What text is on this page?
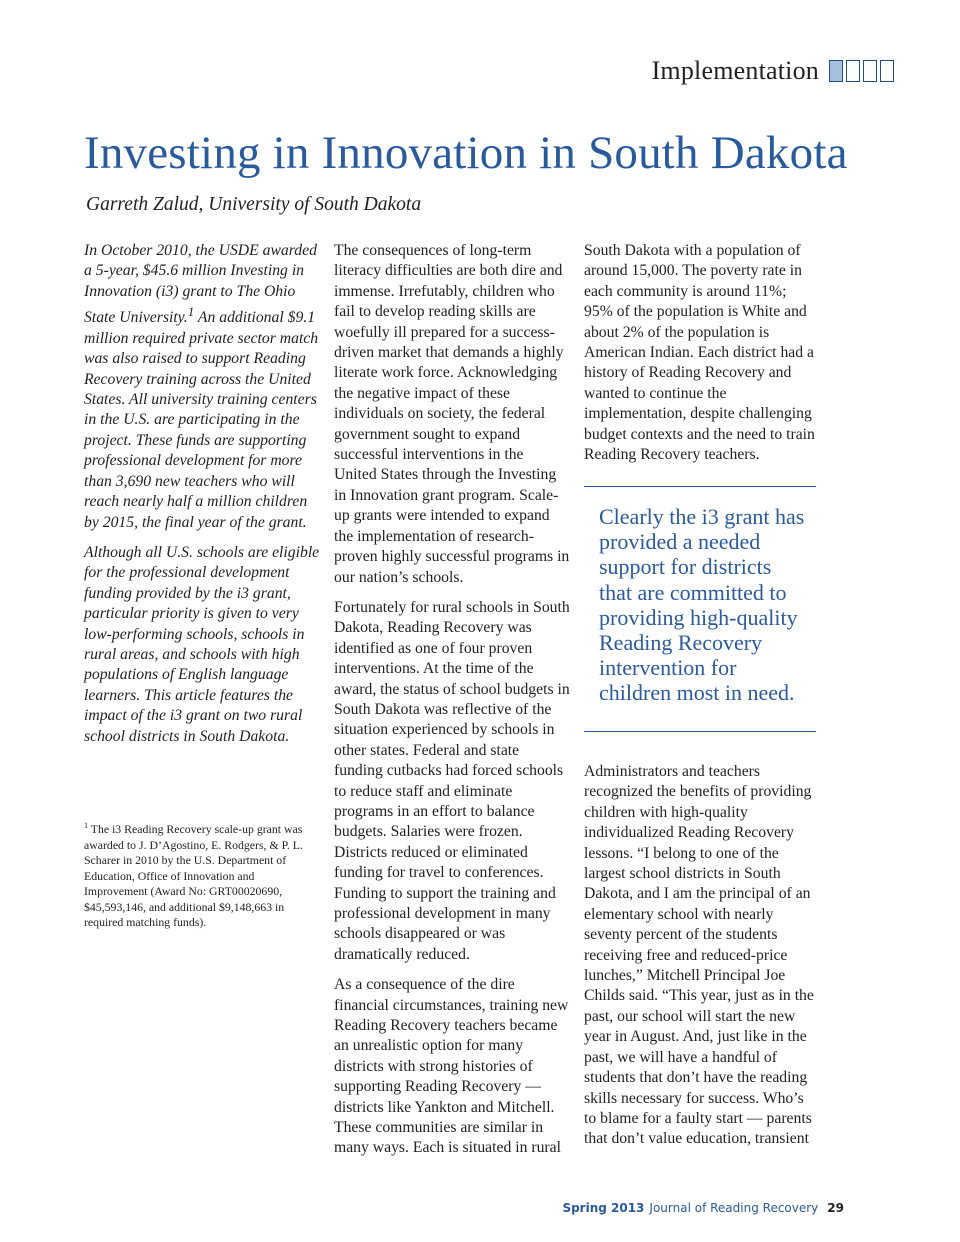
Implementation
Investing in Innovation in South Dakota
Garreth Zalud, University of South Dakota

In October 2010, the USDE awarded a 5-year, $45.6 million Investing in Innovation (i3) grant to The Ohio State University.$^1$ An additional $9.1 million required private sector match was also raised to support Reading Recovery training across the United States. All university training centers in the U.S. are participating in the project. These funds are supporting professional development for more than 3,690 new teachers who will reach nearly half a million children by 2015, the final year of the grant.

Although all U.S. schools are eligible for the professional development funding provided by the i3 grant, particular priority is given to very low-performing schools, schools in rural areas, and schools with high populations of English language learners. This article features the impact of the i3 grant on two rural school districts in South Dakota.

$^1$ The i3 Reading Recovery scale-up grant was awarded to J. D’Agostino, E. Rodgers, & P. L. Scharer in 2010 by the U.S. Department of Education, Office of Innovation and Improvement (Award No: GRT00020690, $45,593,146, and additional $9,148,663 in required matching funds).

The consequences of long-term literacy difficulties are both dire and immense. Irrefutably, children who fail to develop reading skills are woefully ill prepared for a success-driven market that demands a highly literate work force. Acknowledging the negative impact of these individuals on society, the federal government sought to expand successful interventions in the United States through the Investing in Innovation grant program. Scale-up grants were intended to expand the implementation of research-proven highly successful programs in our nation’s schools.

Fortunately for rural schools in South Dakota, Reading Recovery was identified as one of four proven interventions. At the time of the award, the status of school budgets in South Dakota was reflective of the situation experienced by schools in other states. Federal and state funding cutbacks had forced schools to reduce staff and eliminate programs in an effort to balance budgets. Salaries were frozen. Districts reduced or eliminated funding for travel to conferences. Funding to support the training and professional development in many schools disappeared or was dramatically reduced.

As a consequence of the dire financial circumstances, training new Reading Recovery teachers became an unrealistic option for many districts with strong histories of supporting Reading Recovery — districts like Yankton and Mitchell. These communities are similar in many ways. Each is situated in rural

South Dakota with a population of around 15,000. The poverty rate in each community is around 11%; 95% of the population is White and about 2% of the population is American Indian. Each district had a history of Reading Recovery and wanted to continue the implementation, despite challenging budget contexts and the need to train Reading Recovery teachers.

Clearly the i3 grant has provided a needed support for districts that are committed to providing high-quality Reading Recovery intervention for children most in need.

Administrators and teachers recognized the benefits of providing children with high-quality individualized Reading Recovery lessons. “I belong to one of the largest school districts in South Dakota, and I am the principal of an elementary school with nearly seventy percent of the students receiving free and reduced-price lunches,” Mitchell Principal Joe Childs said. “This year, just as in the past, our school will start the new year in August. And, just like in the past, we will have a handful of students that don’t have the reading skills necessary for success. Who’s to blame for a faulty start — parents that don’t value education, transient

Spring 2013 Journal of Reading Recovery 29
